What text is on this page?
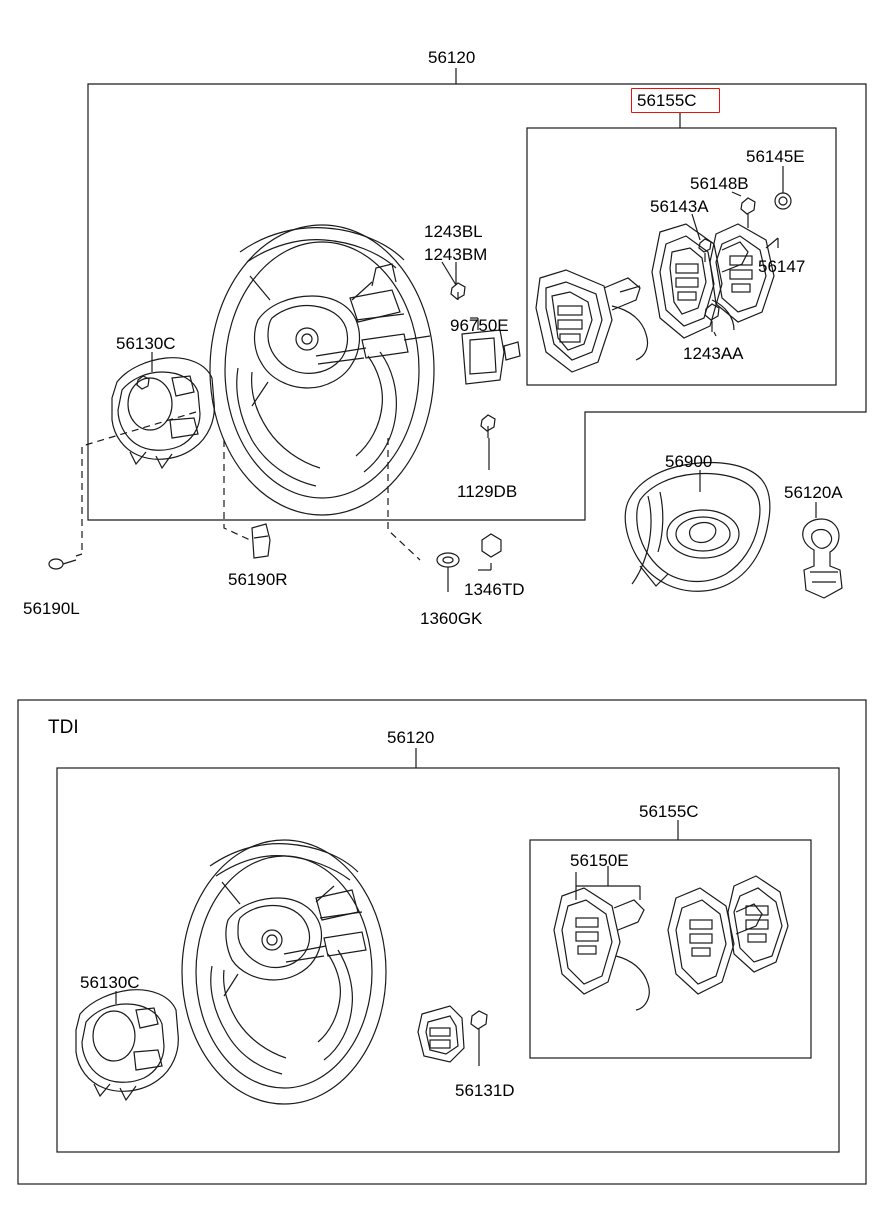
56120
56155C
56145E
56148B
56143A
56147
1243AA
1243BL
1243BM
96750E
56130C
1129DB
56900
56120A
56190R
1346TD
1360GK
56190L
TDI	56120
56155C
56150E
56130C
56131D
